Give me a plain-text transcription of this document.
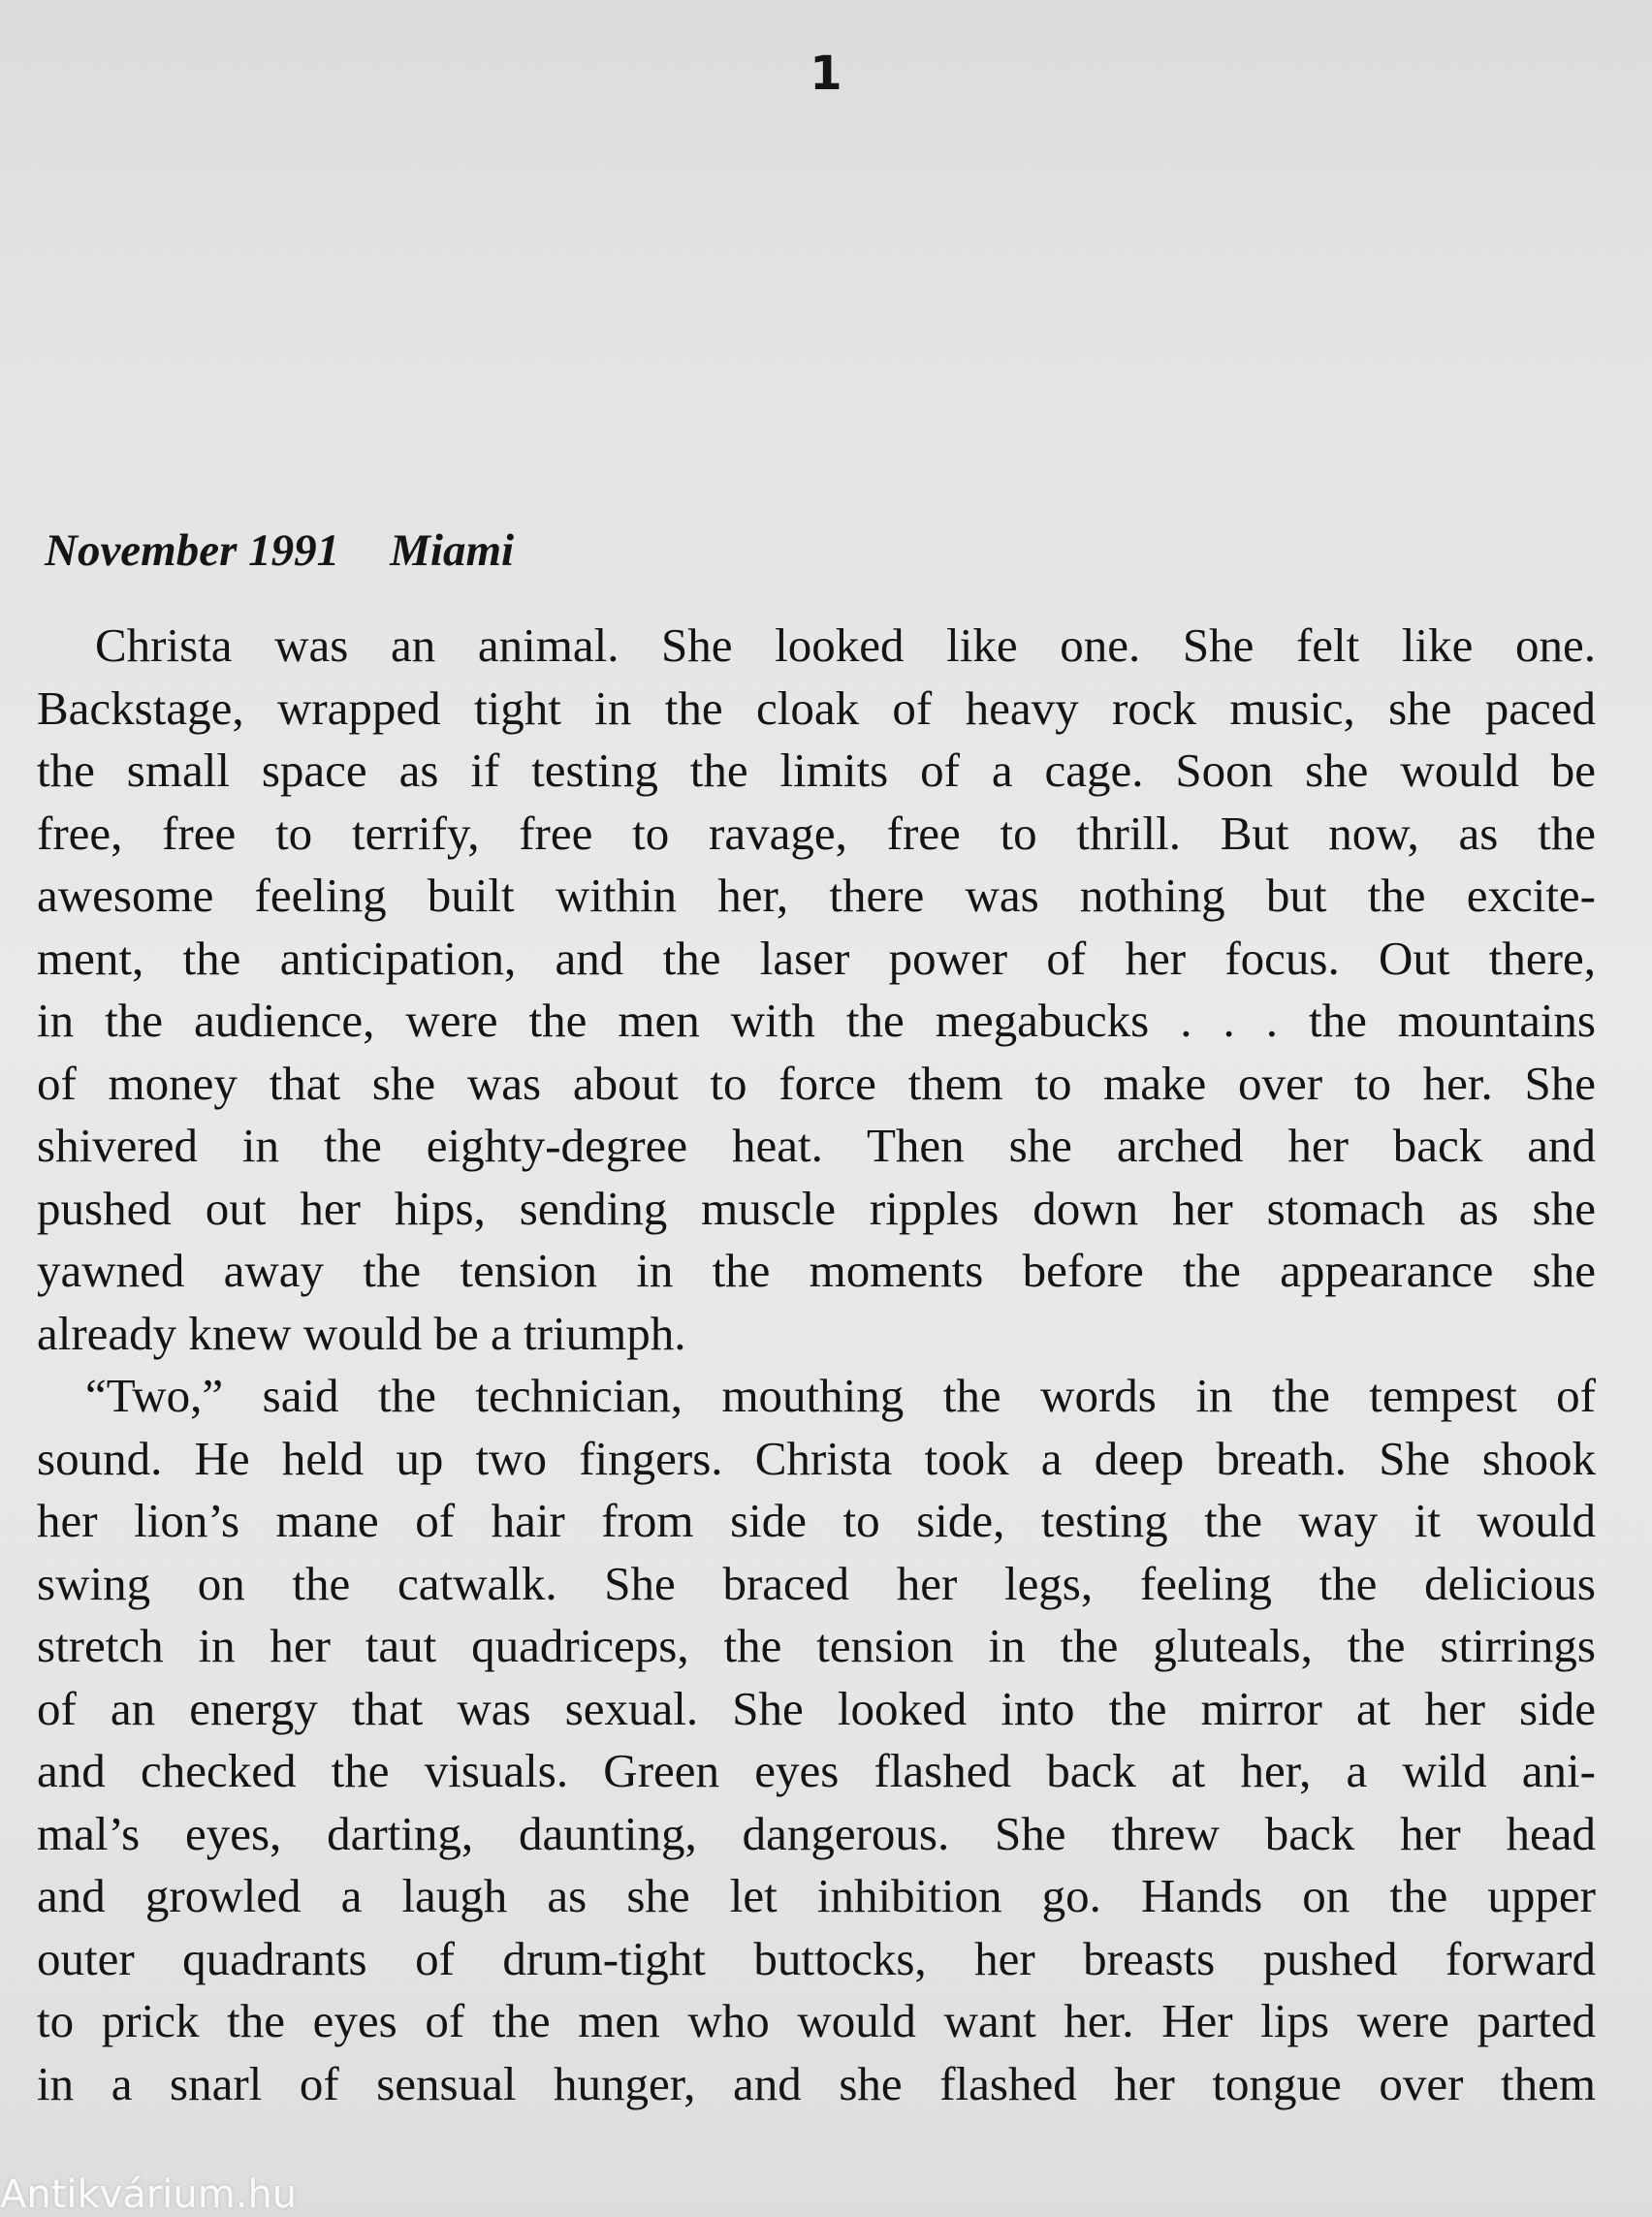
1
November 1991 Miami
Christa was an animal. She looked like one. She felt like one.
Backstage, wrapped tight in the cloak of heavy rock music, she paced
the small space as if testing the limits of a cage. Soon she would be
free, free to terrify, free to ravage, free to thrill. But now, as the
awesome feeling built within her, there was nothing but the excite-
ment, the anticipation, and the laser power of her focus. Out there,
in the audience, were the men with the megabucks . . . the mountains
of money that she was about to force them to make over to her. She
shivered in the eighty-degree heat. Then she arched her back and
pushed out her hips, sending muscle ripples down her stomach as she
yawned away the tension in the moments before the appearance she
already knew would be a triumph.
“Two,” said the technician, mouthing the words in the tempest of
sound. He held up two fingers. Christa took a deep breath. She shook
her lion’s mane of hair from side to side, testing the way it would
swing on the catwalk. She braced her legs, feeling the delicious
stretch in her taut quadriceps, the tension in the gluteals, the stirrings
of an energy that was sexual. She looked into the mirror at her side
and checked the visuals. Green eyes flashed back at her, a wild ani-
mal’s eyes, darting, daunting, dangerous. She threw back her head
and growled a laugh as she let inhibition go. Hands on the upper
outer quadrants of drum-tight buttocks, her breasts pushed forward
to prick the eyes of the men who would want her. Her lips were parted
in a snarl of sensual hunger, and she flashed her tongue over them
Antikvárium.hu
